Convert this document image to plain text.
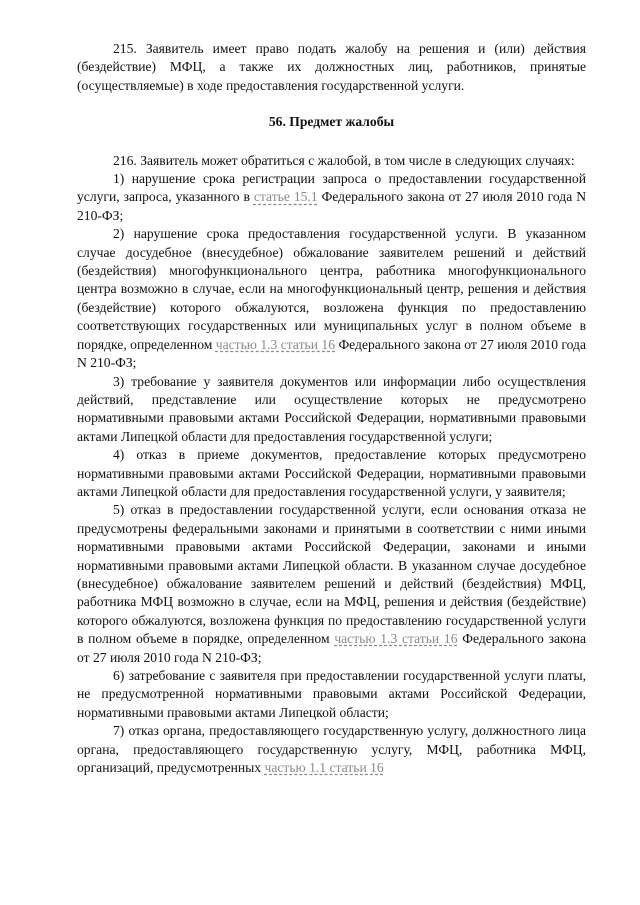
215. Заявитель имеет право подать жалобу на решения и (или) действия (бездействие) МФЦ, а также их должностных лиц, работников, принятые (осуществляемые) в ходе предоставления государственной услуги.

56. Предмет жалобы

216. Заявитель может обратиться с жалобой, в том числе в следующих случаях:

1) нарушение срока регистрации запроса о предоставлении государственной услуги, запроса, указанного в статье 15.1 Федерального закона от 27 июля 2010 года N 210-ФЗ;

2) нарушение срока предоставления государственной услуги. В указанном случае досудебное (внесудебное) обжалование заявителем решений и действий (бездействия) многофункционального центра, работника многофункционального центра возможно в случае, если на многофункциональный центр, решения и действия (бездействие) которого обжалуются, возложена функция по предоставлению соответствующих государственных или муниципальных услуг в полном объеме в порядке, определенном частью 1.3 статьи 16 Федерального закона от 27 июля 2010 года N 210-ФЗ;

3) требование у заявителя документов или информации либо осуществления действий, представление или осуществление которых не предусмотрено нормативными правовыми актами Российской Федерации, нормативными правовыми актами Липецкой области для предоставления государственной услуги;

4) отказ в приеме документов, предоставление которых предусмотрено нормативными правовыми актами Российской Федерации, нормативными правовыми актами Липецкой области для предоставления государственной услуги, у заявителя;

5) отказ в предоставлении государственной услуги, если основания отказа не предусмотрены федеральными законами и принятыми в соответствии с ними иными нормативными правовыми актами Российской Федерации, законами и иными нормативными правовыми актами Липецкой области. В указанном случае досудебное (внесудебное) обжалование заявителем решений и действий (бездействия) МФЦ, работника МФЦ возможно в случае, если на МФЦ, решения и действия (бездействие) которого обжалуются, возложена функция по предоставлению государственной услуги в полном объеме в порядке, определенном частью 1.3 статьи 16 Федерального закона от 27 июля 2010 года N 210-ФЗ;

6) затребование с заявителя при предоставлении государственной услуги платы, не предусмотренной нормативными правовыми актами Российской Федерации, нормативными правовыми актами Липецкой области;

7) отказ органа, предоставляющего государственную услугу, должностного лица органа, предоставляющего государственную услугу, МФЦ, работника МФЦ, организаций, предусмотренных частью 1.1 статьи 16
